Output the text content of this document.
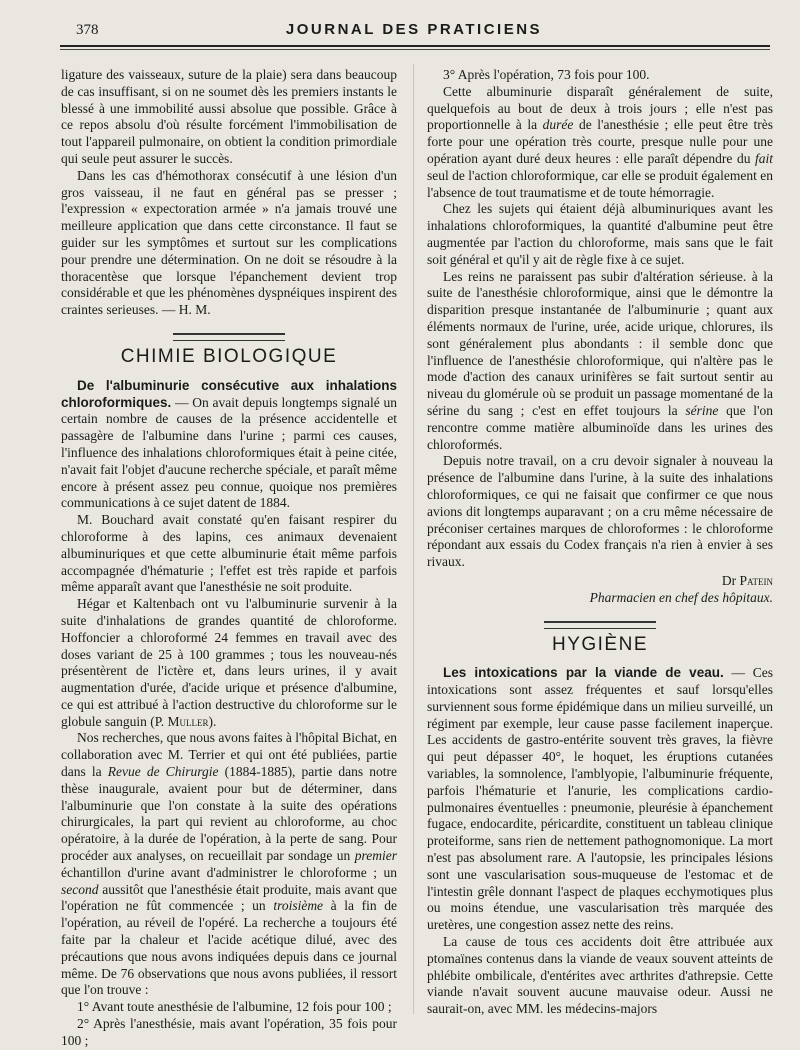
378	JOURNAL DES PRATICIENS

ligature des vaisseaux, suture de la plaie) sera dans beaucoup de cas insuffisant, si on ne soumet dès les premiers instants le blessé à une immobilité aussi absolue que possible. Grâce à ce repos absolu d'où résulte forcément l'immobilisation de tout l'appareil pulmonaire, on obtient la condition primordiale qui seule peut assurer le succès.

Dans les cas d'hémothorax consécutif à une lésion d'un gros vaisseau, il ne faut en général pas se presser ; l'expression « expectoration armée » n'a jamais trouvé une meilleure application que dans cette circonstance. Il faut se guider sur les symptômes et surtout sur les complications pour prendre une détermination. On ne doit se résoudre à la thoracentèse que lorsque l'épanchement devient trop considérable et que les phénomènes dyspnéiques inspirent des craintes serieuses. — H. M.

CHIMIE BIOLOGIQUE

De l'albuminurie consécutive aux inhalations chloroformiques. — On avait depuis longtemps signalé un certain nombre de causes de la présence accidentelle et passagère de l'albumine dans l'urine ; parmi ces causes, l'influence des inhalations chloroformiques était à peine citée, n'avait fait l'objet d'aucune recherche spéciale, et paraît même encore à présent assez peu connue, quoique nos premières communications à ce sujet datent de 1884.

M. Bouchard avait constaté qu'en faisant respirer du chloroforme à des lapins, ces animaux devenaient albuminuriques et que cette albuminurie était même parfois accompagnée d'hématurie ; l'effet est très rapide et parfois même apparaît avant que l'anesthésie ne soit produite.

Hégar et Kaltenbach ont vu l'albuminurie survenir à la suite d'inhalations de grandes quantité de chloroforme. Hoffoncier a chloroformé 24 femmes en travail avec des doses variant de 25 à 100 grammes ; tous les nouveau-nés présentèrent de l'ictère et, dans leurs urines, il y avait augmentation d'urée, d'acide urique et présence d'albumine, ce qui est attribué à l'action destructive du chloroforme sur le globule sanguin (P. Muller).

Nos recherches, que nous avons faites à l'hôpital Bichat, en collaboration avec M. Terrier et qui ont été publiées, partie dans la Revue de Chirurgie (1884-1885), partie dans notre thèse inaugurale, avaient pour but de déterminer, dans l'albuminurie que l'on constate à la suite des opérations chirurgicales, la part qui revient au chloroforme, au choc opératoire, à la durée de l'opération, à la perte de sang. Pour procéder aux analyses, on recueillait par sondage un premier échantillon d'urine avant d'administrer le chloroforme ; un second aussitôt que l'anesthésie était produite, mais avant que l'opération ne fût commencée ; un troisième à la fin de l'opération, au réveil de l'opéré. La recherche a toujours été faite par la chaleur et l'acide acétique dilué, avec des précautions que nous avons indiquées depuis dans ce journal même. De 76 observations que nous avons publiées, il ressort que l'on trouve :

1° Avant toute anesthésie de l'albumine, 12 fois pour 100 ;

2° Après l'anesthésie, mais avant l'opération, 35 fois pour 100 ;

3° Après l'opération, 73 fois pour 100.

Cette albuminurie disparaît généralement de suite, quelquefois au bout de deux à trois jours ; elle n'est pas proportionnelle à la durée de l'anesthésie ; elle peut être très forte pour une opération très courte, presque nulle pour une opération ayant duré deux heures : elle paraît dépendre du fait seul de l'action chloroformique, car elle se produit également en l'absence de tout traumatisme et de toute hémorragie.

Chez les sujets qui étaient déjà albuminuriques avant les inhalations chloroformiques, la quantité d'albumine peut être augmentée par l'action du chloroforme, mais sans que le fait soit général et qu'il y ait de règle fixe à ce sujet.

Les reins ne paraissent pas subir d'altération sérieuse. à la suite de l'anesthésie chloroformique, ainsi que le démontre la disparition presque instantanée de l'albuminurie ; quant aux éléments normaux de l'urine, urée, acide urique, chlorures, ils sont généralement plus abondants : il semble donc que l'influence de l'anesthésie chloroformique, qui n'altère pas le mode d'action des canaux urinifères se fait surtout sentir au niveau du glomérule où se produit un passage momentané de la sérine du sang ; c'est en effet toujours la sérine que l'on rencontre comme matière albuminoïde dans les urines des chloroformés.

Depuis notre travail, on a cru devoir signaler à nouveau la présence de l'albumine dans l'urine, à la suite des inhalations chloroformiques, ce qui ne faisait que confirmer ce que nous avions dit longtemps auparavant ; on a cru même nécessaire de préconiser certaines marques de chloroformes : le chloroforme répondant aux essais du Codex français n'a rien à envier à ses rivaux.

Dr Patein
Pharmacien en chef des hôpitaux.
HYGIÈNE

Les intoxications par la viande de veau. — Ces intoxications sont assez fréquentes et sauf lorsqu'elles surviennent sous forme épidémique dans un milieu surveillé, un régiment par exemple, leur cause passe facilement inaperçue. Les accidents de gastro-entérite souvent très graves, la fièvre qui peut dépasser 40°, le hoquet, les éruptions cutanées variables, la somnolence, l'amblyopie, l'albuminurie fréquente, parfois l'hématurie et l'anurie, les complications cardio-pulmonaires éventuelles : pneumonie, pleurésie à épanchement fugace, endocardite, péricardite, constituent un tableau clinique proteiforme, sans rien de nettement pathognomonique. La mort n'est pas absolument rare. A l'autopsie, les principales lésions sont une vascularisation sous-muqueuse de l'estomac et de l'intestin grêle donnant l'aspect de plaques ecchymotiques plus ou moins étendue, une vascularisation très marquée des uretères, une congestion assez nette des reins.

La cause de tous ces accidents doit être attribuée aux ptomaïnes contenus dans la viande de veaux souvent atteints de phlébite ombilicale, d'entérites avec arthrites d'athrepsie. Cette viande n'avait souvent aucune mauvaise odeur. Aussi ne saurait-on, avec MM. les médecins-majors
